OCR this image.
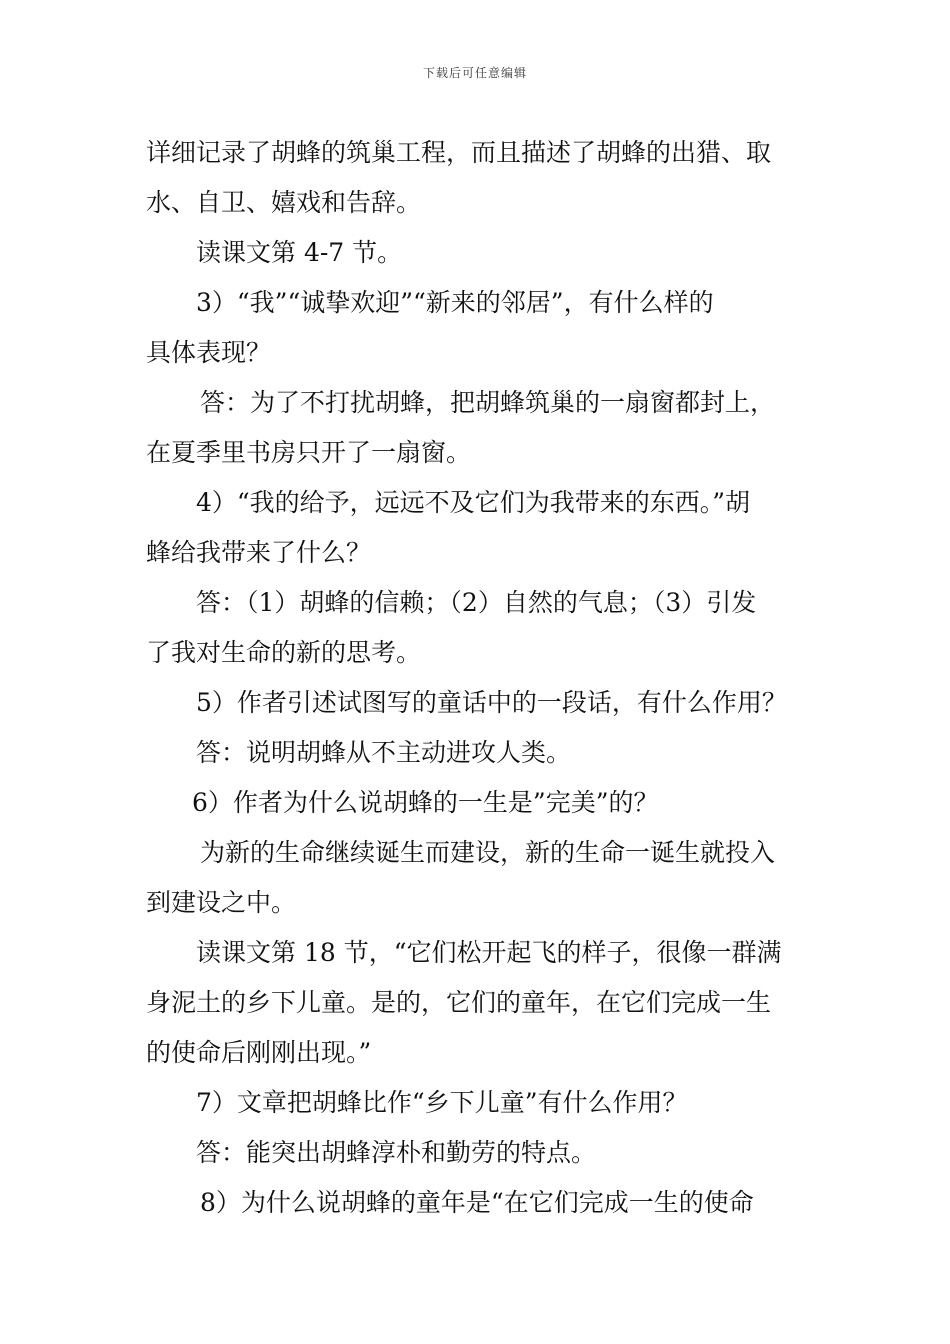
下载后可任意编辑
详细记录了胡蜂的筑巢工程，而且描述了胡蜂的出猎、取
水、自卫、嬉戏和告辞。
读课文第 4-7 节。
3）“我”“诚挚欢迎”“新来的邻居”，有什么样的
具体表现？
答：为了不打扰胡蜂，把胡蜂筑巢的一扇窗都封上，
在夏季里书房只开了一扇窗。
4）“我的给予，远远不及它们为我带来的东西。”胡
蜂给我带来了什么？
答：（1）胡蜂的信赖；（2）自然的气息；（3）引发
了我对生命的新的思考。
5）作者引述试图写的童话中的一段话，有什么作用？
答：说明胡蜂从不主动进攻人类。
6）作者为什么说胡蜂的一生是”完美”的？
为新的生命继续诞生而建设，新的生命一诞生就投入
到建设之中。
读课文第 18 节，“它们松开起飞的样子，很像一群满
身泥土的乡下儿童。是的，它们的童年，在它们完成一生
的使命后刚刚出现。”
7）文章把胡蜂比作“乡下儿童”有什么作用？
答：能突出胡蜂淳朴和勤劳的特点。
8）为什么说胡蜂的童年是“在它们完成一生的使命
